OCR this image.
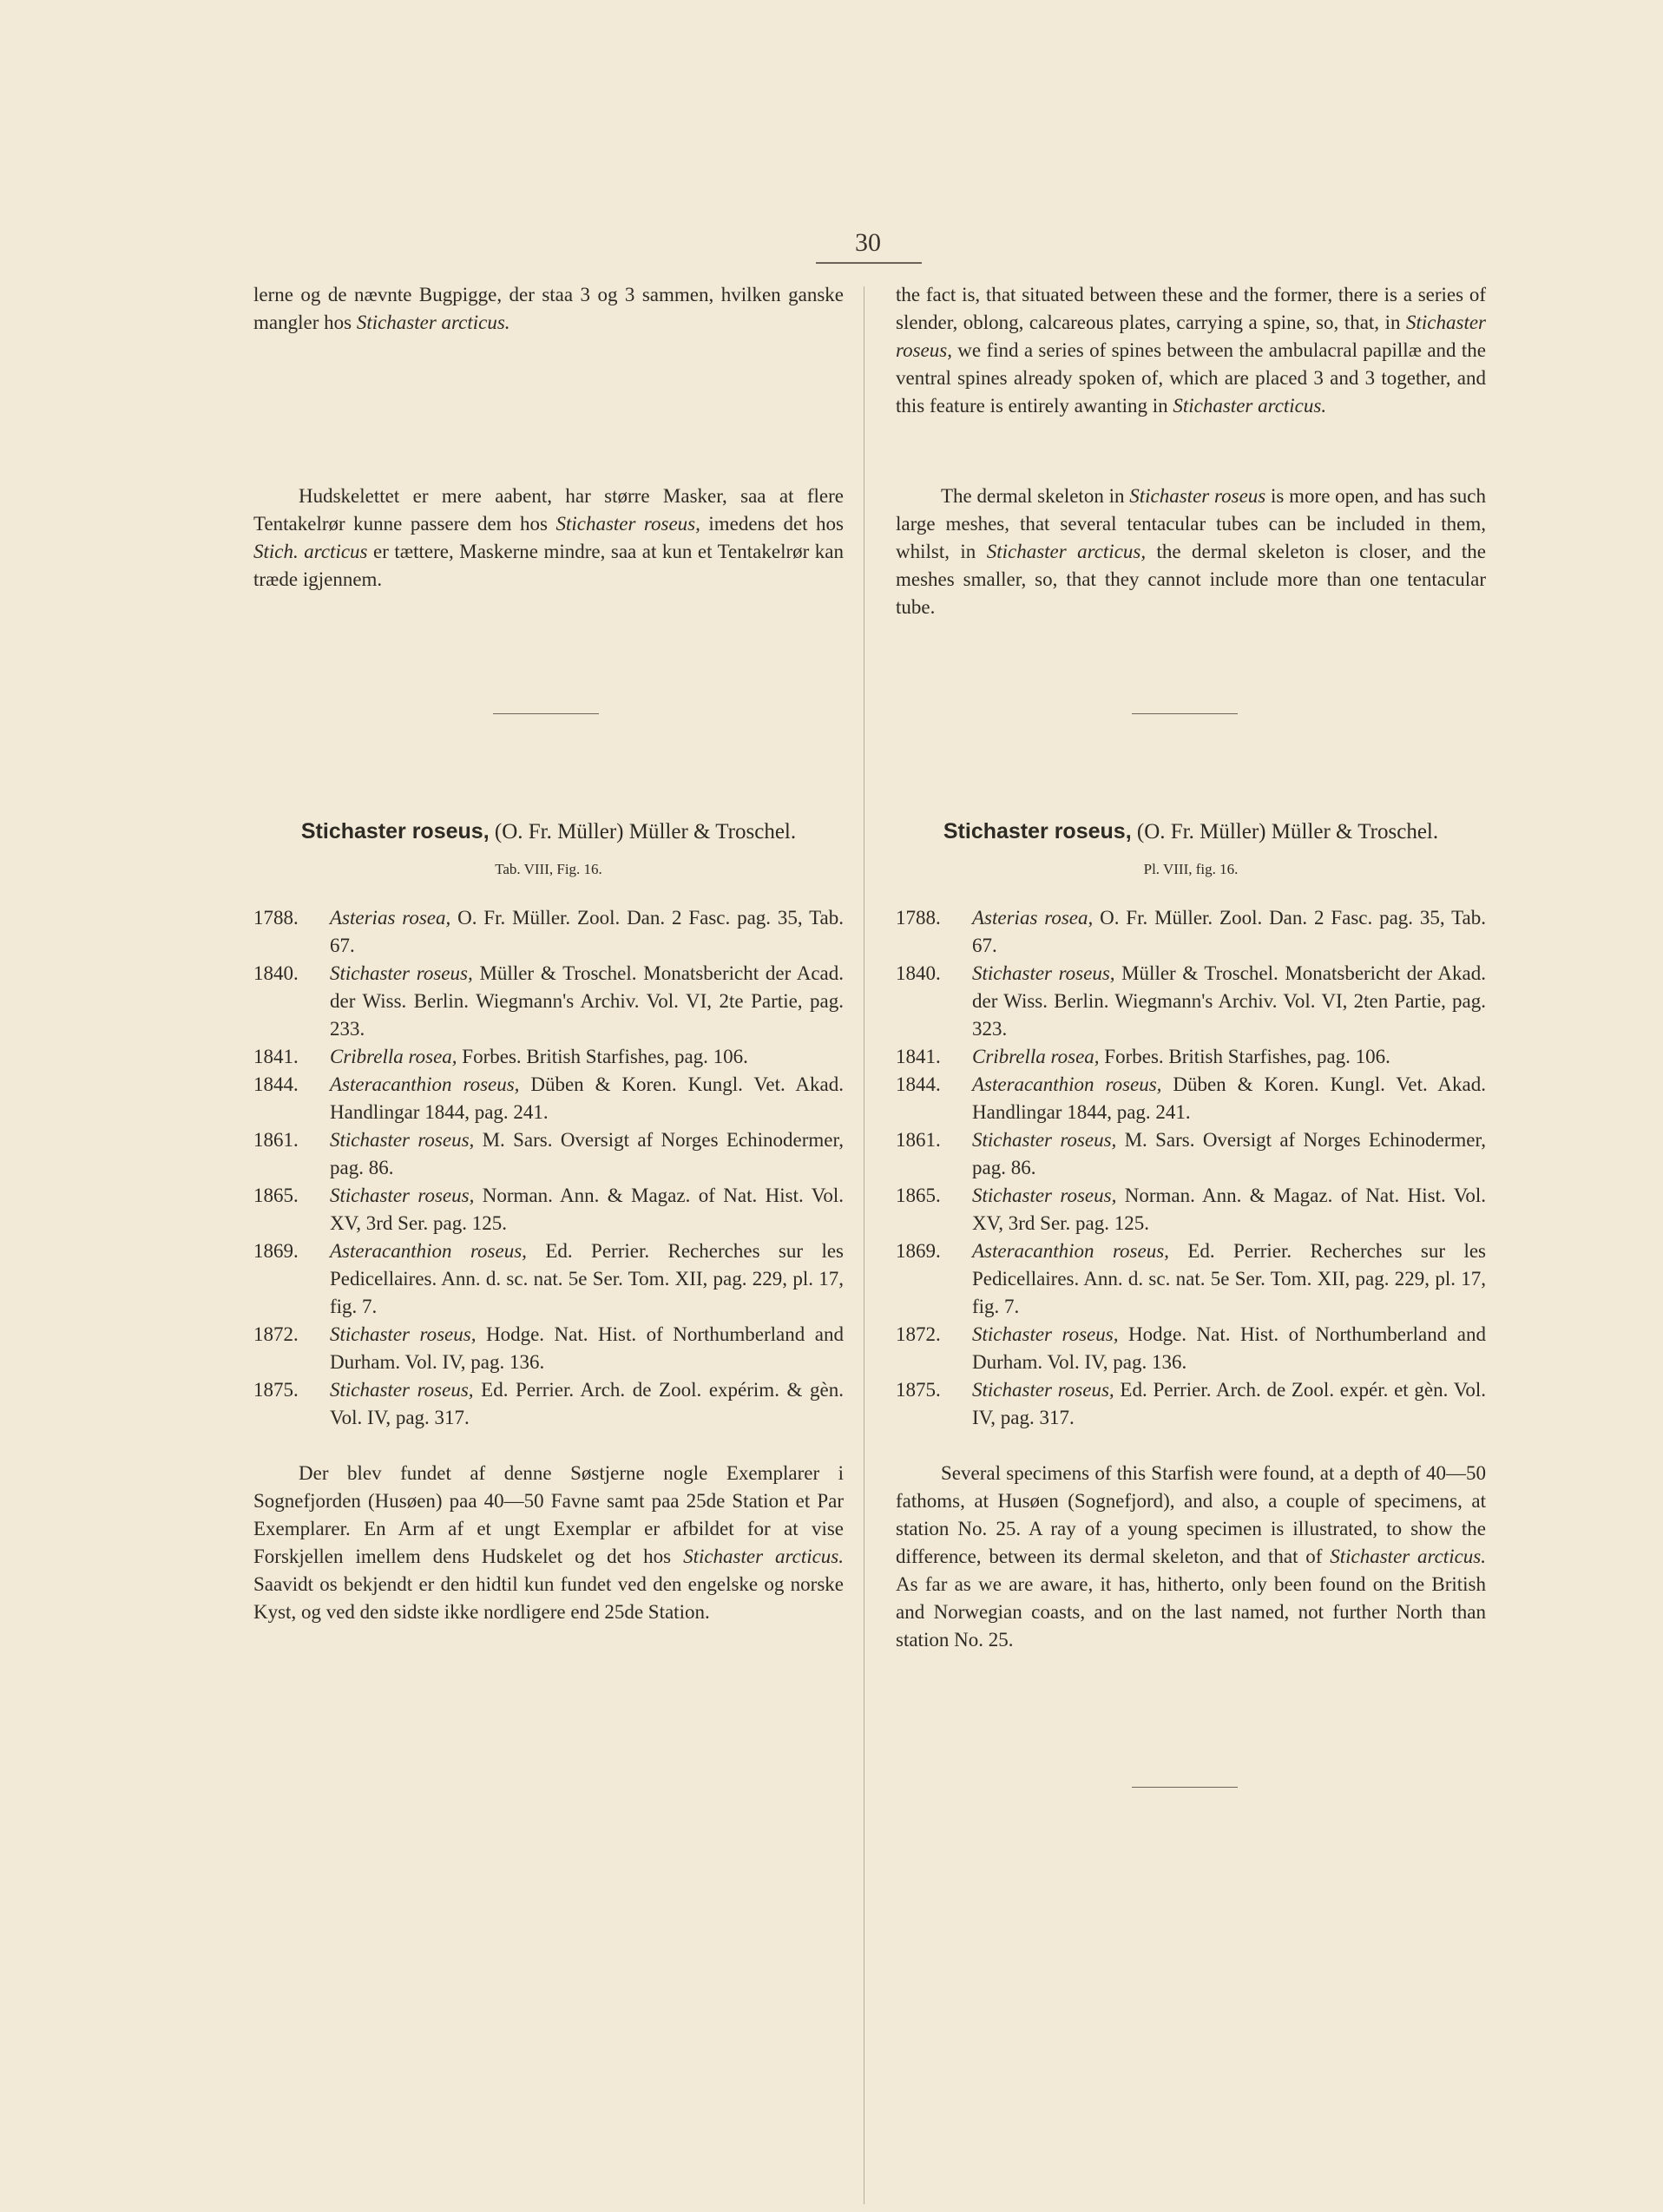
30

lerne og de nævnte Bugpigge, der staa 3 og 3 sammen, hvilken ganske mangler hos Stichaster arcticus.

Hudskelettet er mere aabent, har større Masker, saa at flere Tentakelrør kunne passere dem hos Stichaster roseus, imedens det hos Stich. arcticus er tættere, Maskerne mindre, saa at kun et Tentakelrør kan træde igjennem.

Stichaster roseus, (O. Fr. Müller) Müller & Troschel.
Tab. VIII, Fig. 16.
1788.	Asterias rosea, O. Fr. Müller. Zool. Dan. 2 Fasc. pag. 35, Tab. 67.
1840.	Stichaster roseus, Müller & Troschel. Monatsbericht der Acad. der Wiss. Berlin. Wiegmann's Archiv. Vol. VI, 2te Partie, pag. 233.
1841.	Cribrella rosea, Forbes. British Starfishes, pag. 106.
1844.	Asteracanthion roseus, Düben & Koren. Kungl. Vet. Akad. Handlingar 1844, pag. 241.
1861.	Stichaster roseus, M. Sars. Oversigt af Norges Echinodermer, pag. 86.
1865.	Stichaster roseus, Norman. Ann. & Magaz. of Nat. Hist. Vol. XV, 3rd Ser. pag. 125.
1869.	Asteracanthion roseus, Ed. Perrier. Recherches sur les Pedicellaires. Ann. d. sc. nat. 5e Ser. Tom. XII, pag. 229, pl. 17, fig. 7.
1872.	Stichaster roseus, Hodge. Nat. Hist. of Northumberland and Durham. Vol. IV, pag. 136.
1875.	Stichaster roseus, Ed. Perrier. Arch. de Zool. expérim. & gèn. Vol. IV, pag. 317.

Der blev fundet af denne Søstjerne nogle Exemplarer i Sognefjorden (Husøen) paa 40—50 Favne samt paa 25de Station et Par Exemplarer. En Arm af et ungt Exemplar er afbildet for at vise Forskjellen imellem dens Hudskelet og det hos Stichaster arcticus. Saavidt os bekjendt er den hidtil kun fundet ved den engelske og norske Kyst, og ved den sidste ikke nordligere end 25de Station.

the fact is, that situated between these and the former, there is a series of slender, oblong, calcareous plates, carrying a spine, so, that, in Stichaster roseus, we find a series of spines between the ambulacral papillæ and the ventral spines already spoken of, which are placed 3 and 3 together, and this feature is entirely awanting in Stichaster arcticus.

The dermal skeleton in Stichaster roseus is more open, and has such large meshes, that several tentacular tubes can be included in them, whilst, in Stichaster arcticus, the dermal skeleton is closer, and the meshes smaller, so, that they cannot include more than one tentacular tube.

Stichaster roseus, (O. Fr. Müller) Müller & Troschel.
Pl. VIII, fig. 16.
1788.	Asterias rosea, O. Fr. Müller. Zool. Dan. 2 Fasc. pag. 35, Tab. 67.
1840.	Stichaster roseus, Müller & Troschel. Monatsbericht der Akad. der Wiss. Berlin. Wiegmann's Archiv. Vol. VI, 2ten Partie, pag. 323.
1841.	Cribrella rosea, Forbes. British Starfishes, pag. 106.
1844.	Asteracanthion roseus, Düben & Koren. Kungl. Vet. Akad. Handlingar 1844, pag. 241.
1861.	Stichaster roseus, M. Sars. Oversigt af Norges Echinodermer, pag. 86.
1865.	Stichaster roseus, Norman. Ann. & Magaz. of Nat. Hist. Vol. XV, 3rd Ser. pag. 125.
1869.	Asteracanthion roseus, Ed. Perrier. Recherches sur les Pedicellaires. Ann. d. sc. nat. 5e Ser. Tom. XII, pag. 229, pl. 17, fig. 7.
1872.	Stichaster roseus, Hodge. Nat. Hist. of Northumberland and Durham. Vol. IV, pag. 136.
1875.	Stichaster roseus, Ed. Perrier. Arch. de Zool. expér. et gèn. Vol. IV, pag. 317.

Several specimens of this Starfish were found, at a depth of 40—50 fathoms, at Husøen (Sognefjord), and also, a couple of specimens, at station No. 25. A ray of a young specimen is illustrated, to show the difference, between its dermal skeleton, and that of Stichaster arcticus. As far as we are aware, it has, hitherto, only been found on the British and Norwegian coasts, and on the last named, not further North than station No. 25.
